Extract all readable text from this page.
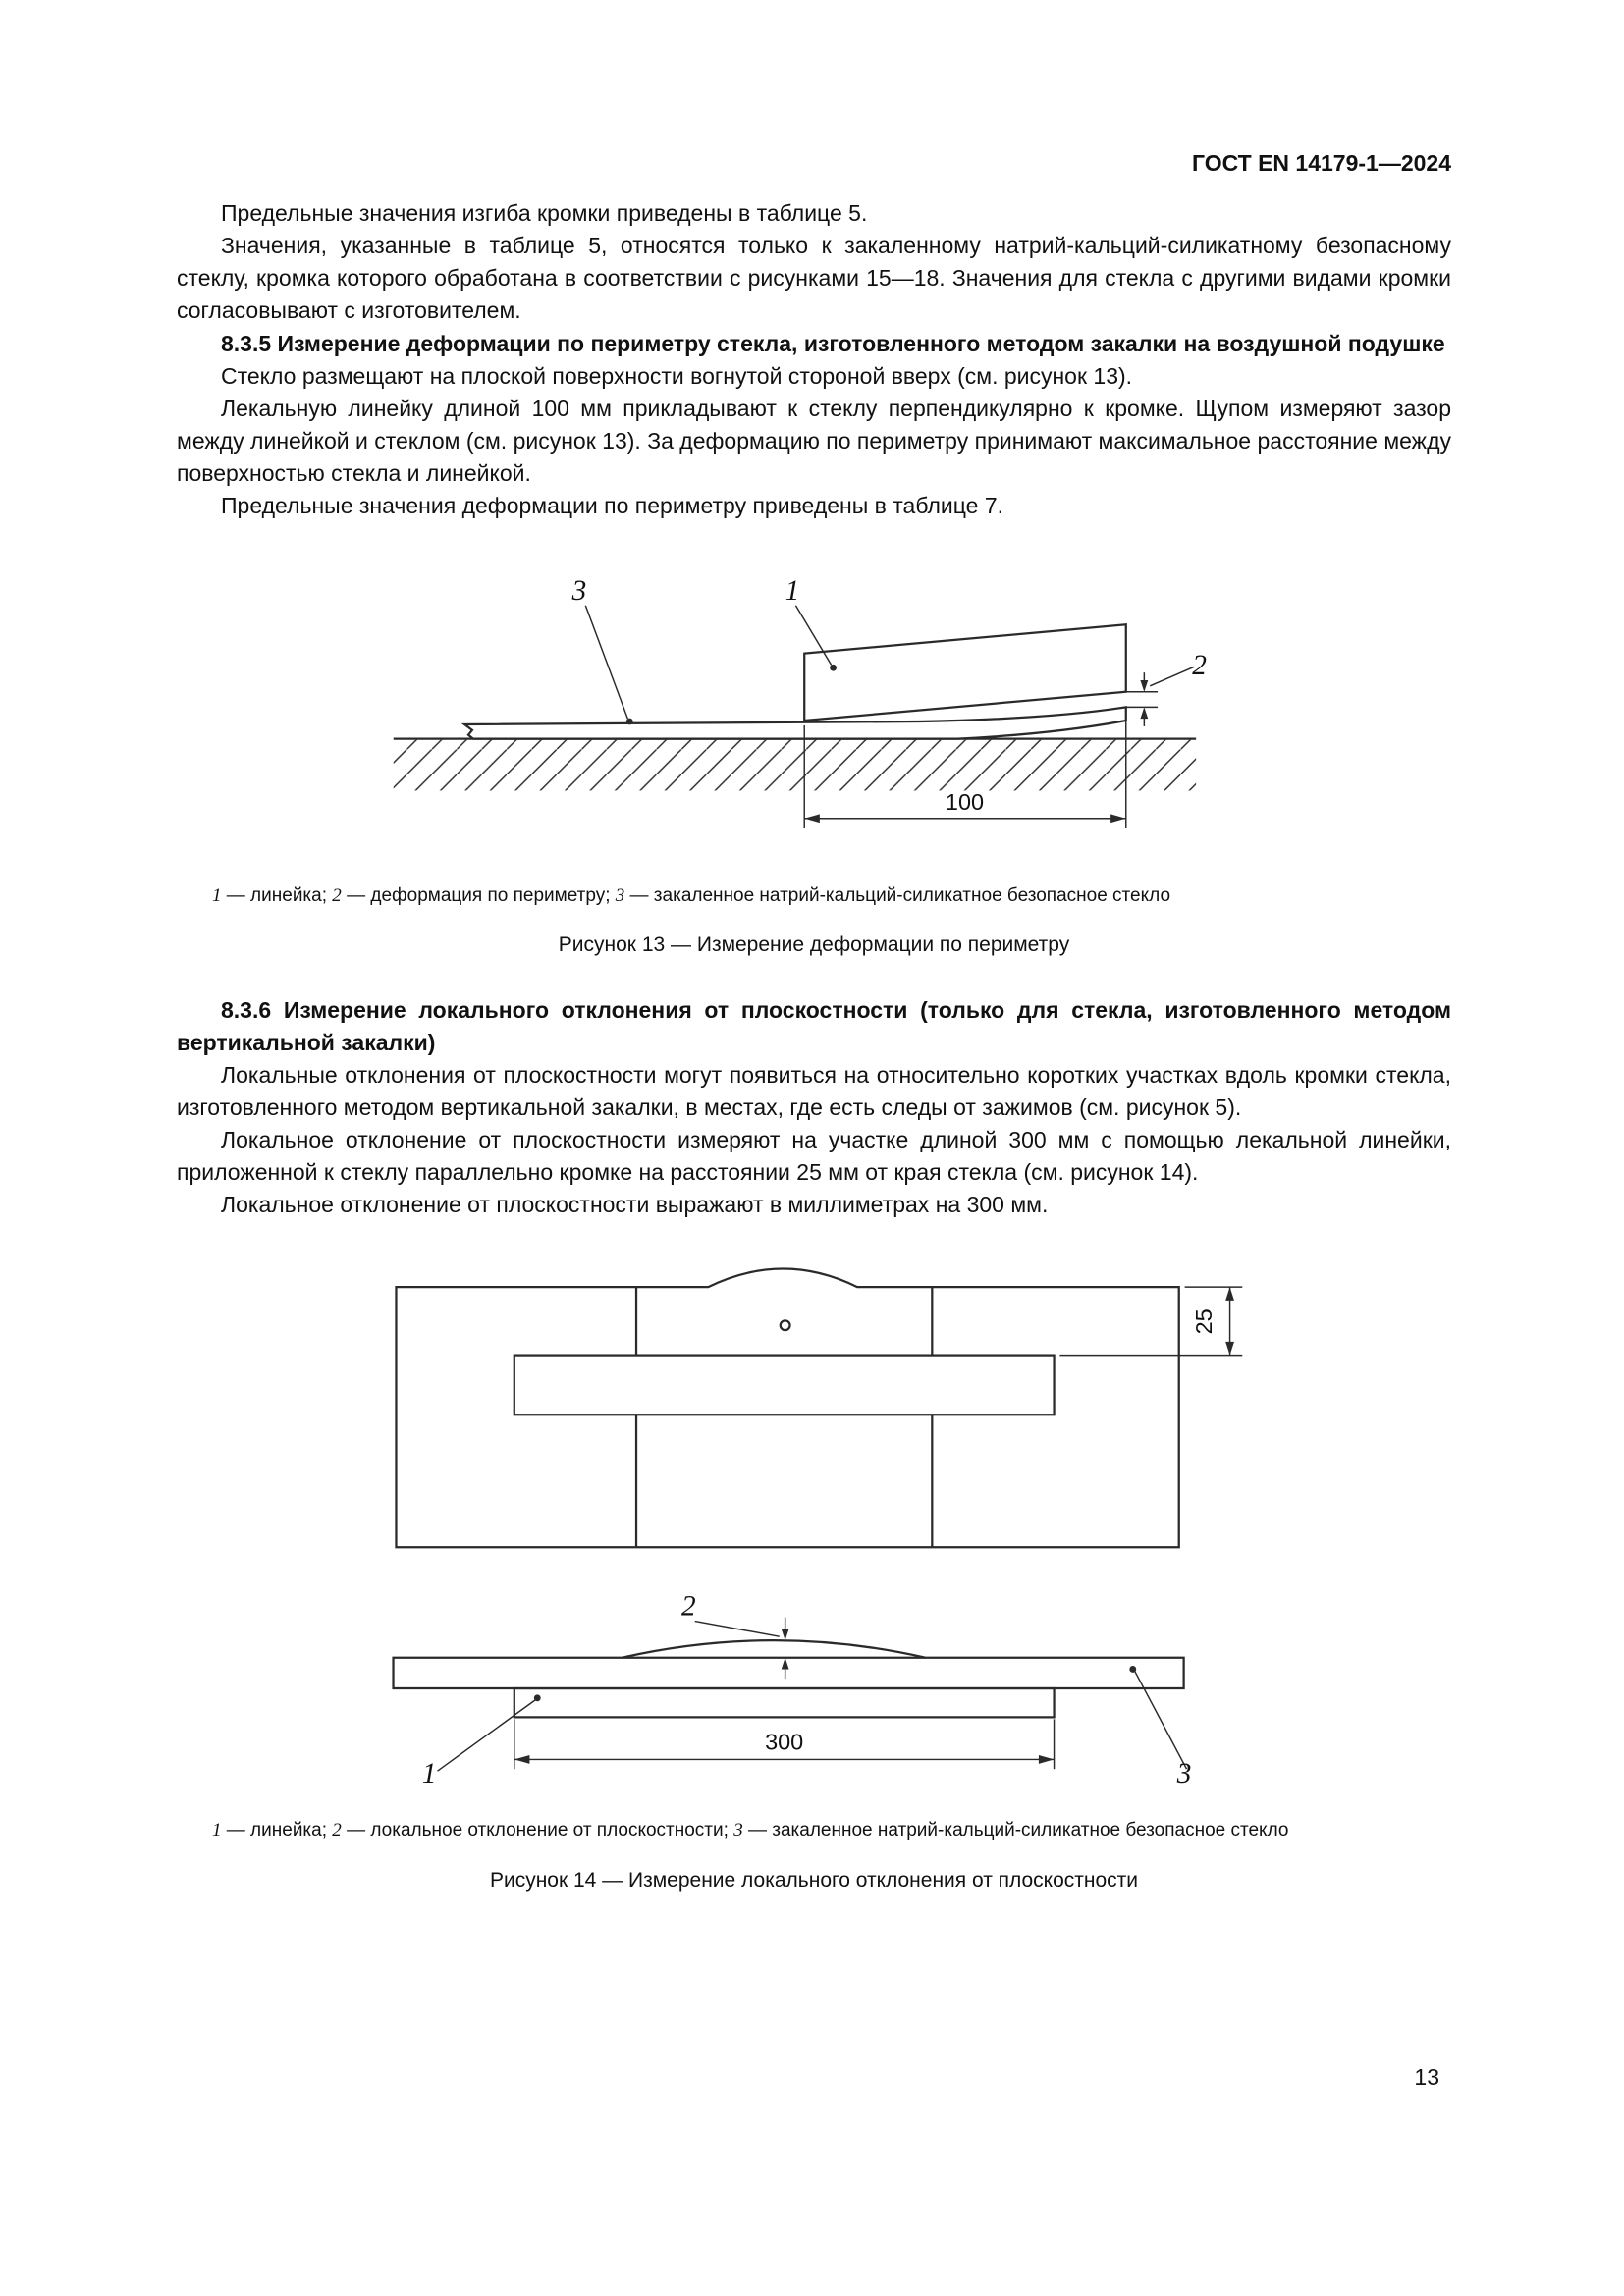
ГОСТ EN 14179-1—2024

Предельные значения изгиба кромки приведены в таблице 5.

Значения, указанные в таблице 5, относятся только к закаленному натрий-кальций-силикатному безопасному стеклу, кромка которого обработана в соответствии с рисунками 15—18. Значения для стекла с другими видами кромки согласовывают с изготовителем.

8.3.5 Измерение деформации по периметру стекла, изготовленного методом закалки на воздушной подушке

Стекло размещают на плоской поверхности вогнутой стороной вверх (см. рисунок 13).

Лекальную линейку длиной 100 мм прикладывают к стеклу перпендикулярно к кромке. Щупом измеряют зазор между линейкой и стеклом (см. рисунок 13). За деформацию по периметру принимают максимальное расстояние между поверхностью стекла и линейкой.

Предельные значения деформации по периметру приведены в таблице 7.

100
3	1
2
1 — линейка; 2 — деформация по периметру; 3 — закаленное натрий-кальций-силикатное безопасное стекло
Рисунок 13 — Измерение деформации по периметру

8.3.6 Измерение локального отклонения от плоскостности (только для стекла, изготовленного методом вертикальной закалки)

Локальные отклонения от плоскостности могут появиться на относительно коротких участках вдоль кромки стекла, изготовленного методом вертикальной закалки, в местах, где есть следы от зажимов (см. рисунок 5).

Локальное отклонение от плоскостности измеряют на участке длиной 300 мм с помощью лекальной линейки, приложенной к стеклу параллельно кромке на расстоянии 25 мм от края стекла (см. рисунок 14).

Локальное отклонение от плоскостности выражают в миллиметрах на 300 мм.

25
300
2
1	3
1 — линейка; 2 — локальное отклонение от плоскостности; 3 — закаленное натрий-кальций-силикатное безопасное стекло
Рисунок 14 — Измерение локального отклонения от плоскостности
13
